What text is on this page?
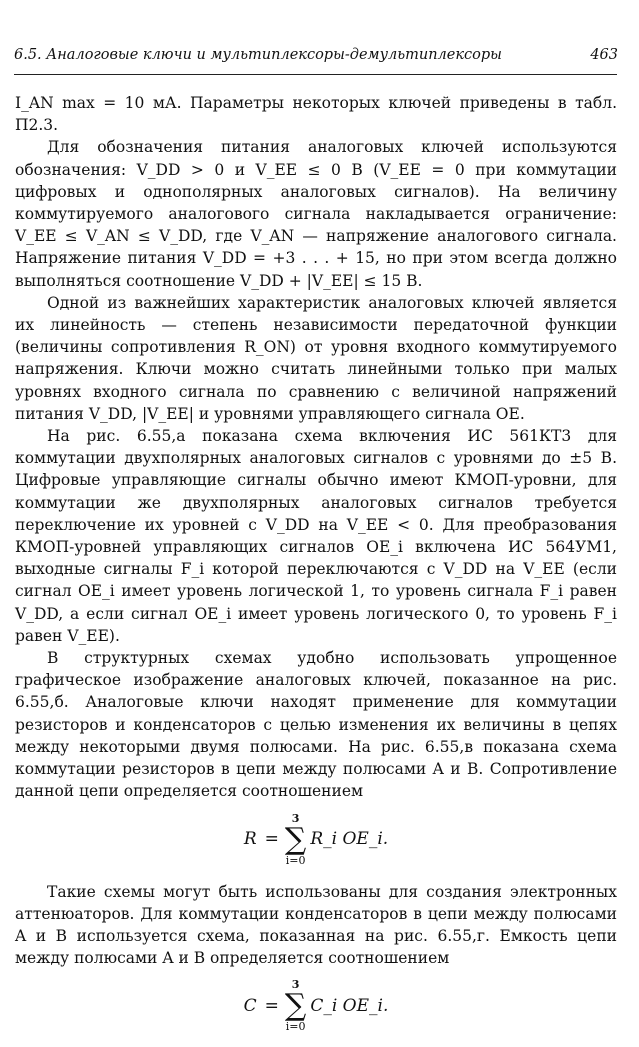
6.5. Аналоговые ключи и мультиплексоры-демультиплексоры	463

I_AN max = 10 мА. Параметры некоторых ключей приведены в табл. П2.3.

Для обозначения питания аналоговых ключей используются обозначения: V_DD > 0 и V_EE ≤ 0 В (V_EE = 0 при коммутации цифровых и однополярных аналоговых сигналов). На величину коммутируемого аналогового сигнала накладывается ограничение: V_EE ≤ V_AN ≤ V_DD, где V_AN — напряжение аналогового сигнала. Напряжение питания V_DD = +3 . . . + 15, но при этом всегда должно выполняться соотношение V_DD + |V_EE| ≤ 15 В.

Одной из важнейших характеристик аналоговых ключей является их линейность — степень независимости передаточной функции (величины сопротивления R_ON) от уровня входного коммутируемого напряжения. Ключи можно считать линейными только при малых уровнях входного сигнала по сравнению с величиной напряжений питания V_DD, |V_EE| и уровнями управляющего сигнала OE.

На рис. 6.55,а показана схема включения ИС 561КТ3 для коммутации двухполярных аналоговых сигналов с уровнями до ±5 В. Цифровые управляющие сигналы обычно имеют КМОП-уровни, для коммутации же двухполярных аналоговых сигналов требуется переключение их уровней с V_DD на V_EE < 0. Для преобразования КМОП-уровней управляющих сигналов OE_i включена ИС 564УМ1, выходные сигналы F_i которой переключаются с V_DD на V_EE (если сигнал OE_i имеет уровень логической 1, то уровень сигнала F_i равен V_DD, а если сигнал OE_i имеет уровень логического 0, то уровень F_i равен V_EE).

В структурных схемах удобно использовать упрощенное графическое изображение аналоговых ключей, показанное на рис. 6.55,б. Аналоговые ключи находят применение для коммутации резисторов и конденсаторов с целью изменения их величины в цепях между некоторыми двумя полюсами. На рис. 6.55,в показана схема коммутации резисторов в цепи между полюсами A и B. Сопротивление данной цепи определяется соотношением

R =
3
∑
i=0
R_i OE_i.

Такие схемы могут быть использованы для создания электронных аттенюаторов. Для коммутации конденсаторов в цепи между полюсами A и B используется схема, показанная на рис. 6.55,г. Емкость цепи между полюсами A и B определяется соотношением

C =
3
∑
i=0
C_i OE_i.
